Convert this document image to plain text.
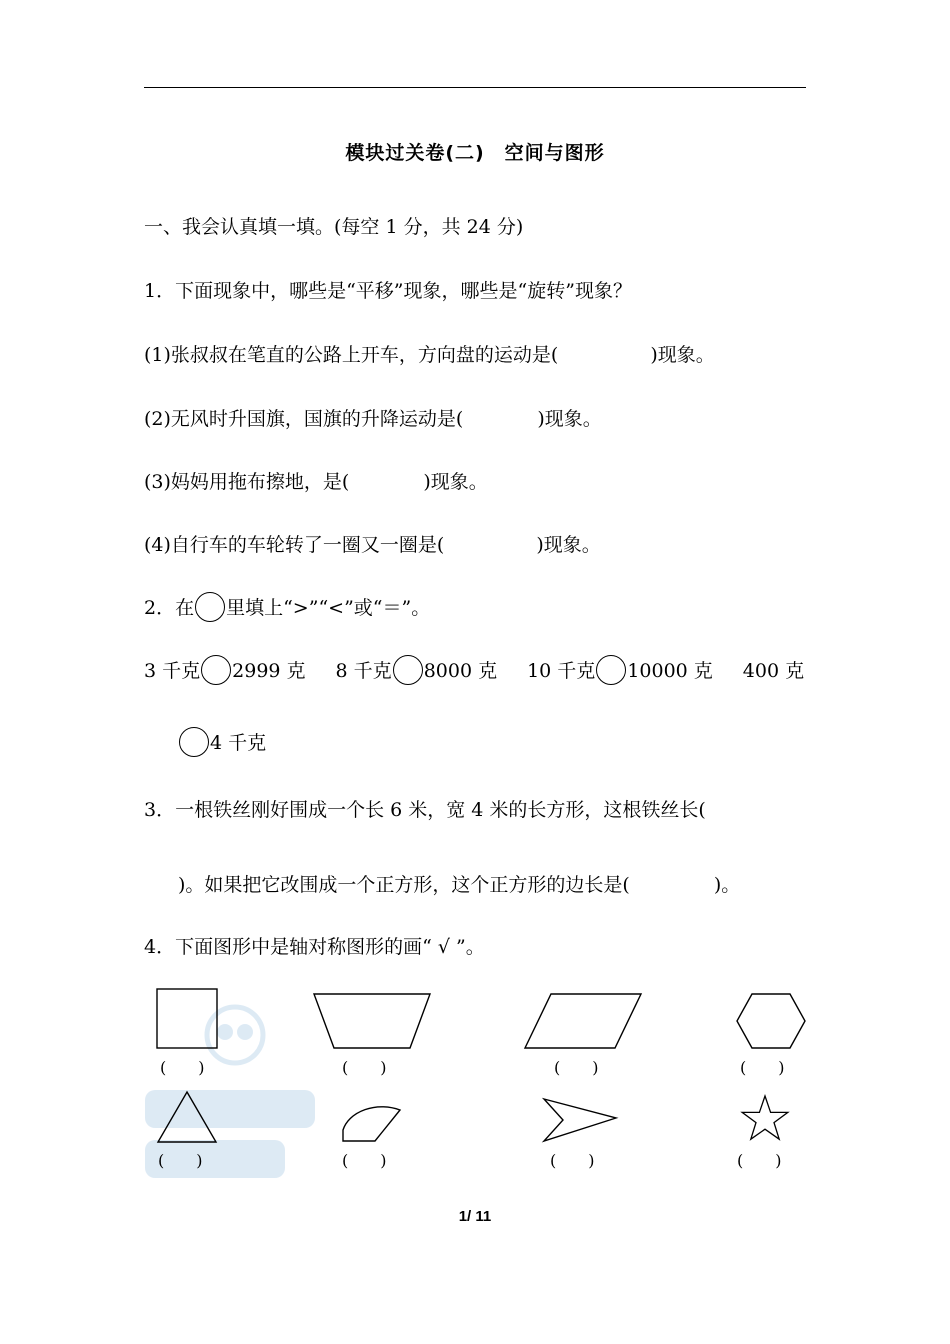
模块过关卷(二)　空间与图形
一、我会认真填一填。(每空 1 分，共 24 分)
1．下面现象中，哪些是“平移”现象，哪些是“旋转”现象？
(1)张叔叔在笔直的公路上开车，方向盘的运动是(	)现象。
(2)无风时升国旗，国旗的升降运动是(	)现象。
(3)妈妈用拖布擦地，是(	)现象。
(4)自行车的车轮转了一圈又一圈是(	)现象。
2．在 里填上“>”“<”或“＝”。
3 千克 2999 克 8 千克 8000 克 10 千克 10000 克 400 克
4 千克
3．一根铁丝刚好围成一个长 6 米，宽 4 米的长方形，这根铁丝长(
)。如果把它改围成一个正方形，这个正方形的边长是(	)。
4．下面图形中是轴对称图形的画“ √ ”。
(　　)	(　　)	(　　)	(　　)
(　　)	(　　)	(　　)	(　　)
1/ 11
